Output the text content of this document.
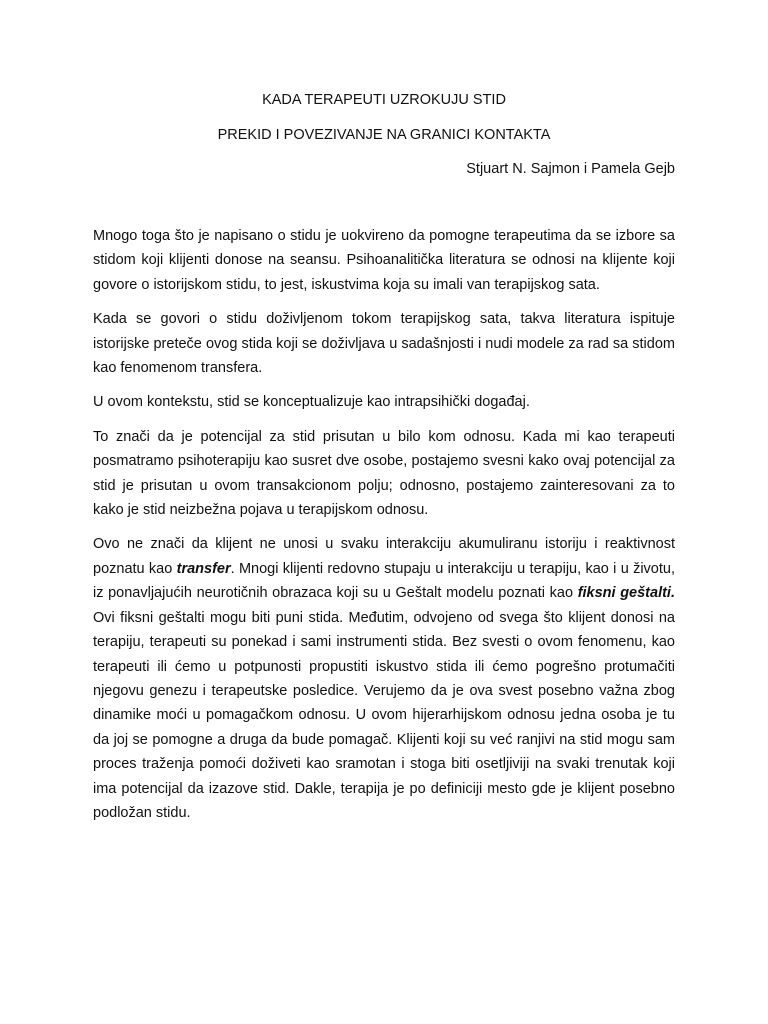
KADA TERAPEUTI UZROKUJU STID

PREKID I POVEZIVANJE NA GRANICI KONTAKTA

Stjuart N. Sajmon i Pamela Gejb

Mnogo toga što je napisano o stidu je uokvireno da pomogne terapeutima da se izbore sa stidom koji klijenti donose na seansu. Psihoanalitička literatura se odnosi na klijente koji govore o istorijskom stidu, to jest, iskustvima koja su imali van terapijskog sata.

Kada se govori o stidu doživljenom tokom terapijskog sata, takva literatura ispituje istorijske preteče ovog stida koji se doživljava u sadašnjosti i nudi modele za rad sa stidom kao fenomenom transfera.

U ovom kontekstu, stid se konceptualizuje kao intrapsihički događaj.

To znači da je potencijal za stid prisutan u bilo kom odnosu. Kada mi kao terapeuti posmatramo psihoterapiju kao susret dve osobe, postajemo svesni kako ovaj potencijal za stid je prisutan u ovom transakcionom polju; odnosno, postajemo zainteresovani za to kako je stid neizbežna pojava u terapijskom odnosu.

Ovo ne znači da klijent ne unosi u svaku interakciju akumuliranu istoriju i reaktivnost poznatu kao transfer. Mnogi klijenti redovno stupaju u interakciju u terapiju, kao i u životu, iz ponavljajućih neurotičnih obrazaca koji su u Geštalt modelu poznati kao fiksni geštalti. Ovi fiksni geštalti mogu biti puni stida. Međutim, odvojeno od svega što klijent donosi na terapiju, terapeuti su ponekad i sami instrumenti stida. Bez svesti o ovom fenomenu, kao terapeuti ili ćemo u potpunosti propustiti iskustvo stida ili ćemo pogrešno protumačiti njegovu genezu i terapeutske posledice. Verujemo da je ova svest posebno važna zbog dinamike moći u pomagačkom odnosu. U ovom hijerarhijskom odnosu jedna osoba je tu da joj se pomogne a druga da bude pomagač. Klijenti koji su već ranjivi na stid mogu sam proces traženja pomoći doživeti kao sramotan i stoga biti osetljiviji na svaki trenutak koji ima potencijal da izazove stid. Dakle, terapija je po definiciji mesto gde je klijent posebno podložan stidu.
